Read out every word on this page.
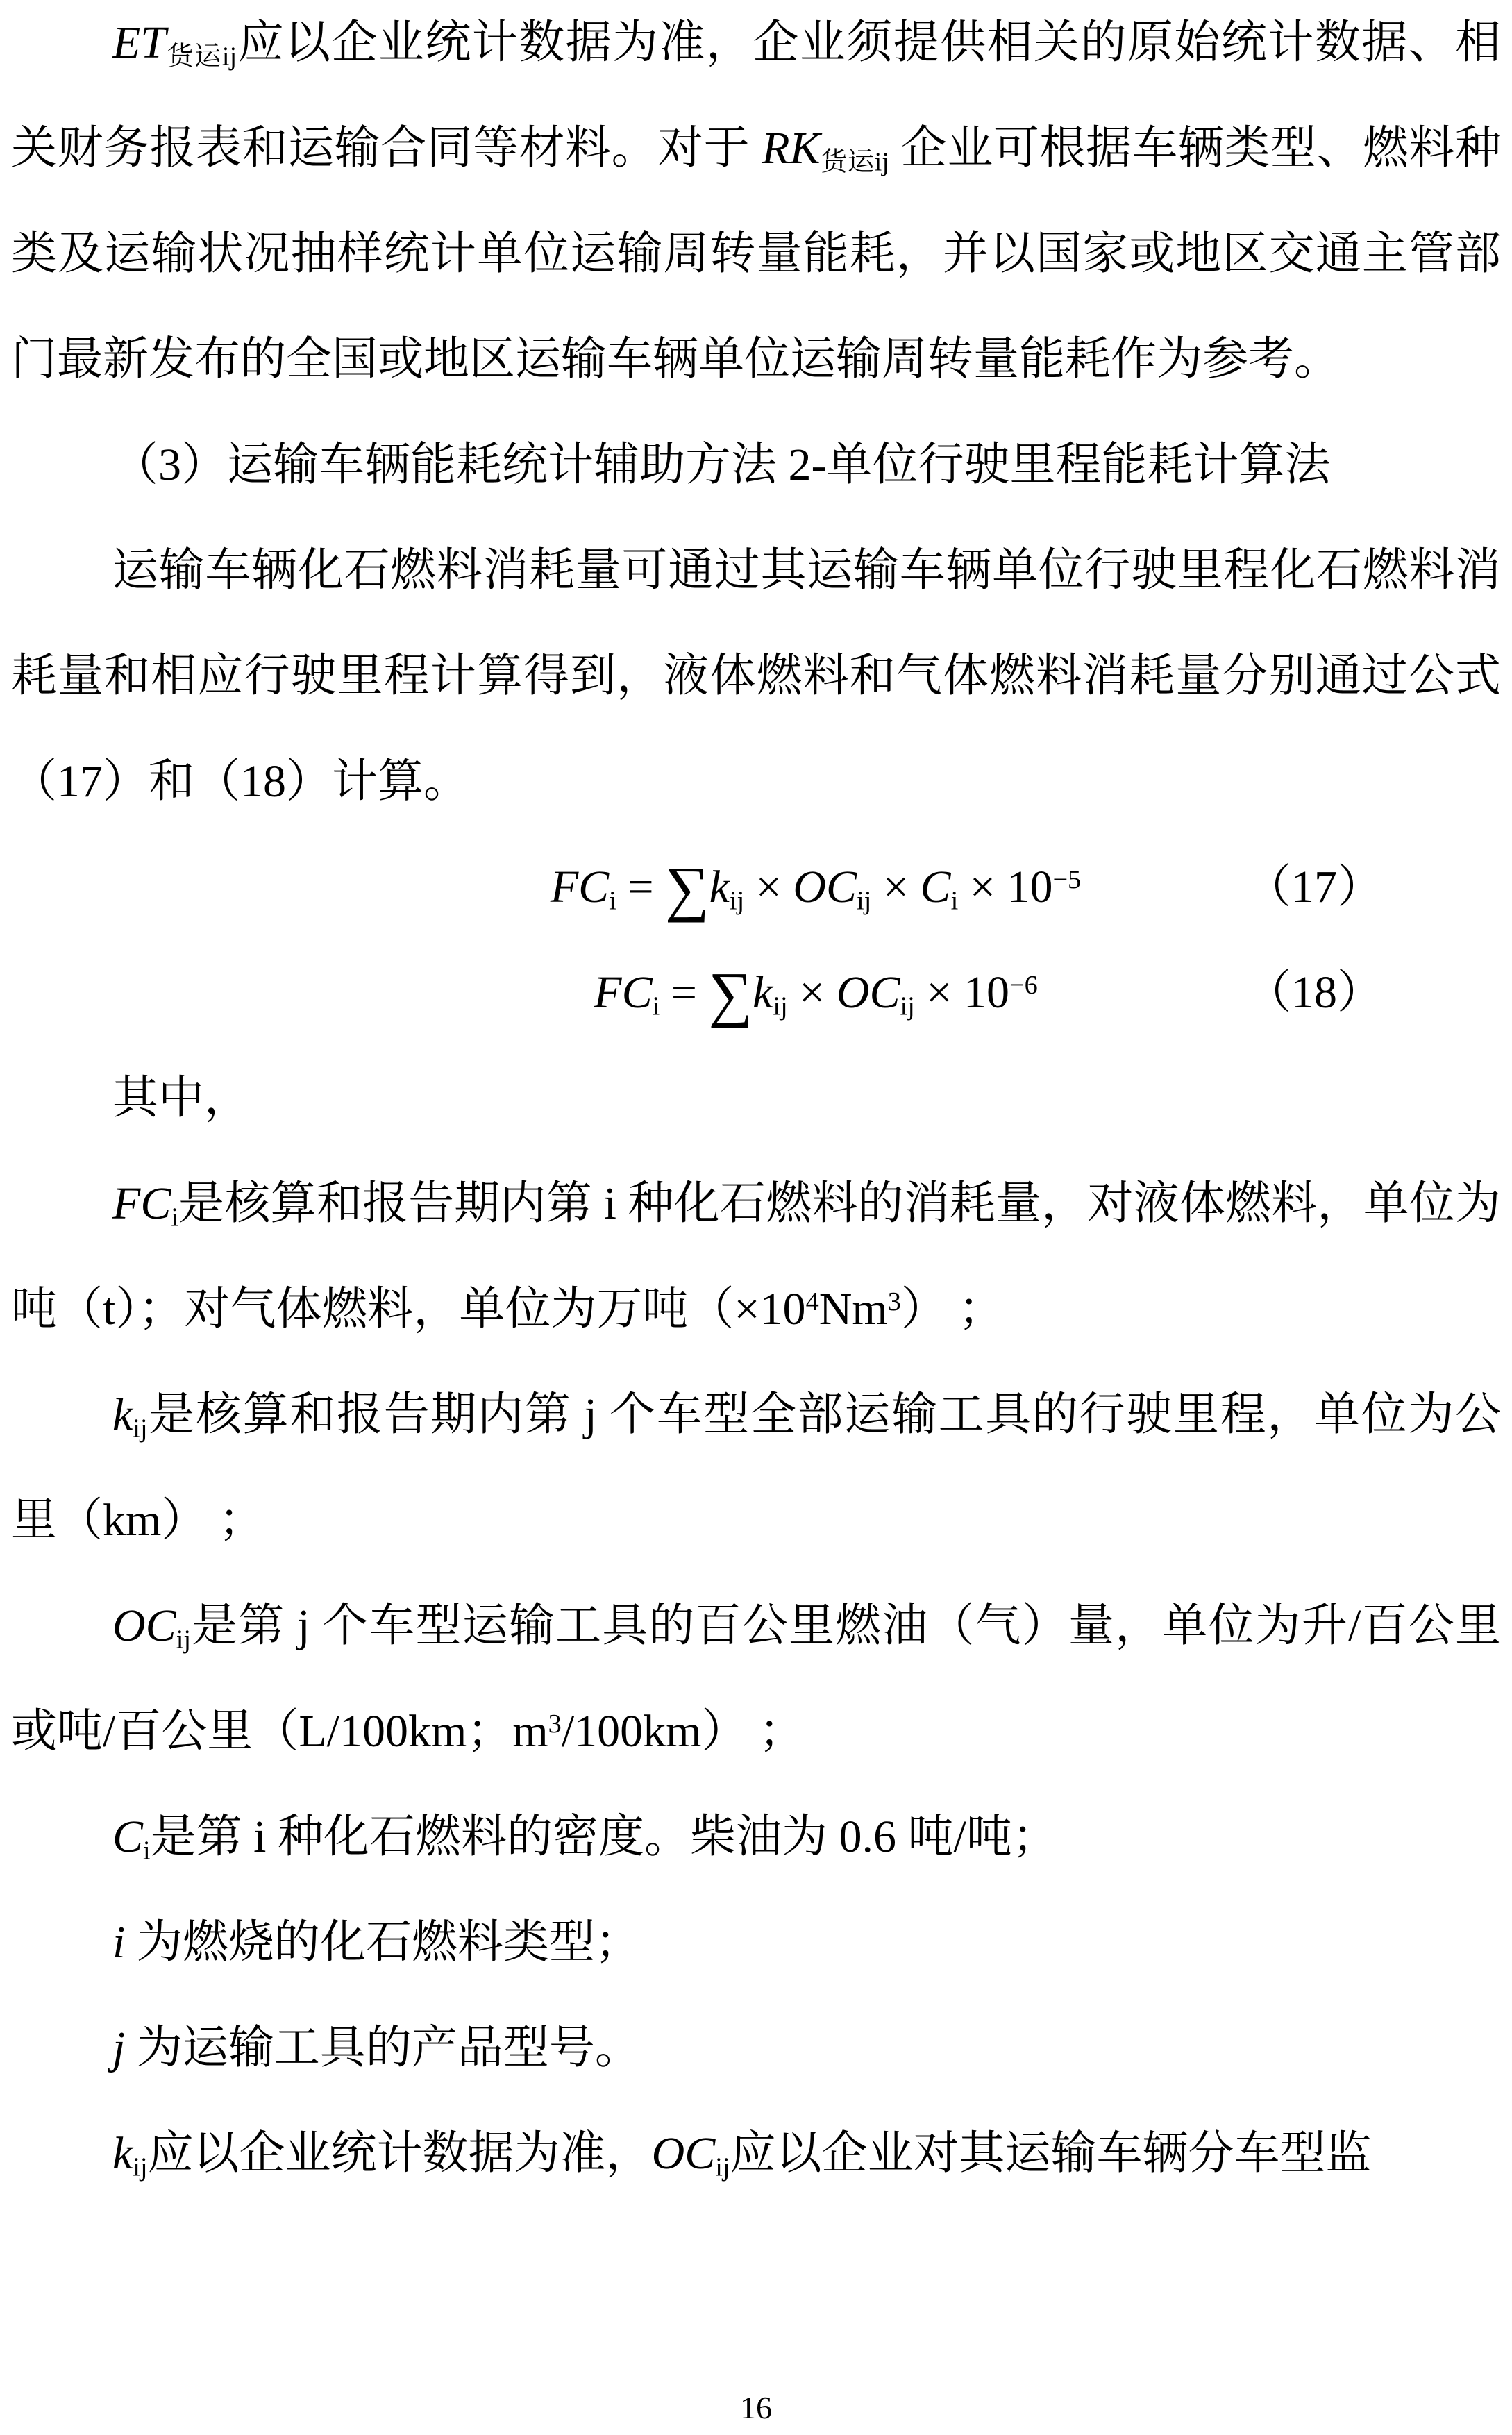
$ET_{货运ij}$应以企业统计数据为准，企业须提供相关的原始统计数据、相关财务报表和运输合同等材料。对于 $RK_{货运ij}$ 企业可根据车辆类型、燃料种类及运输状况抽样统计单位运输周转量能耗，并以国家或地区交通主管部门最新发布的全国或地区运输车辆单位运输周转量能耗作为参考。

（3）运输车辆能耗统计辅助方法 2-单位行驶里程能耗计算法

运输车辆化石燃料消耗量可通过其运输车辆单位行驶里程化石燃料消耗量和相应行驶里程计算得到，液体燃料和气体燃料消耗量分别通过公式（17）和（18）计算。

$FC_i = \sum k_{ij} \times OC_{ij} \times C_i \times 10^{-5}$	（17）
$FC_i = \sum k_{ij} \times OC_{ij} \times 10^{-6}$	（18）

其中，

$FC_i$是核算和报告期内第 i 种化石燃料的消耗量，对液体燃料，单位为吨（t）；对气体燃料，单位为万吨$(\times 10^4Nm^3)$ ；

$k_{ij}$是核算和报告期内第 j 个车型全部运输工具的行驶里程，单位为公里（km） ；

$OC_{ij}$是第 j 个车型运输工具的百公里燃油（气）量，单位为升/百公里或吨/百公里（L/100km；$m^3/100km$） ；

$C_i$是第 i 种化石燃料的密度。柴油为 0.6 吨/吨；

i 为燃烧的化石燃料类型；

j 为运输工具的产品型号。

$k_{ij}$应以企业统计数据为准，$OC_{ij}$应以企业对其运输车辆分车型监

16
